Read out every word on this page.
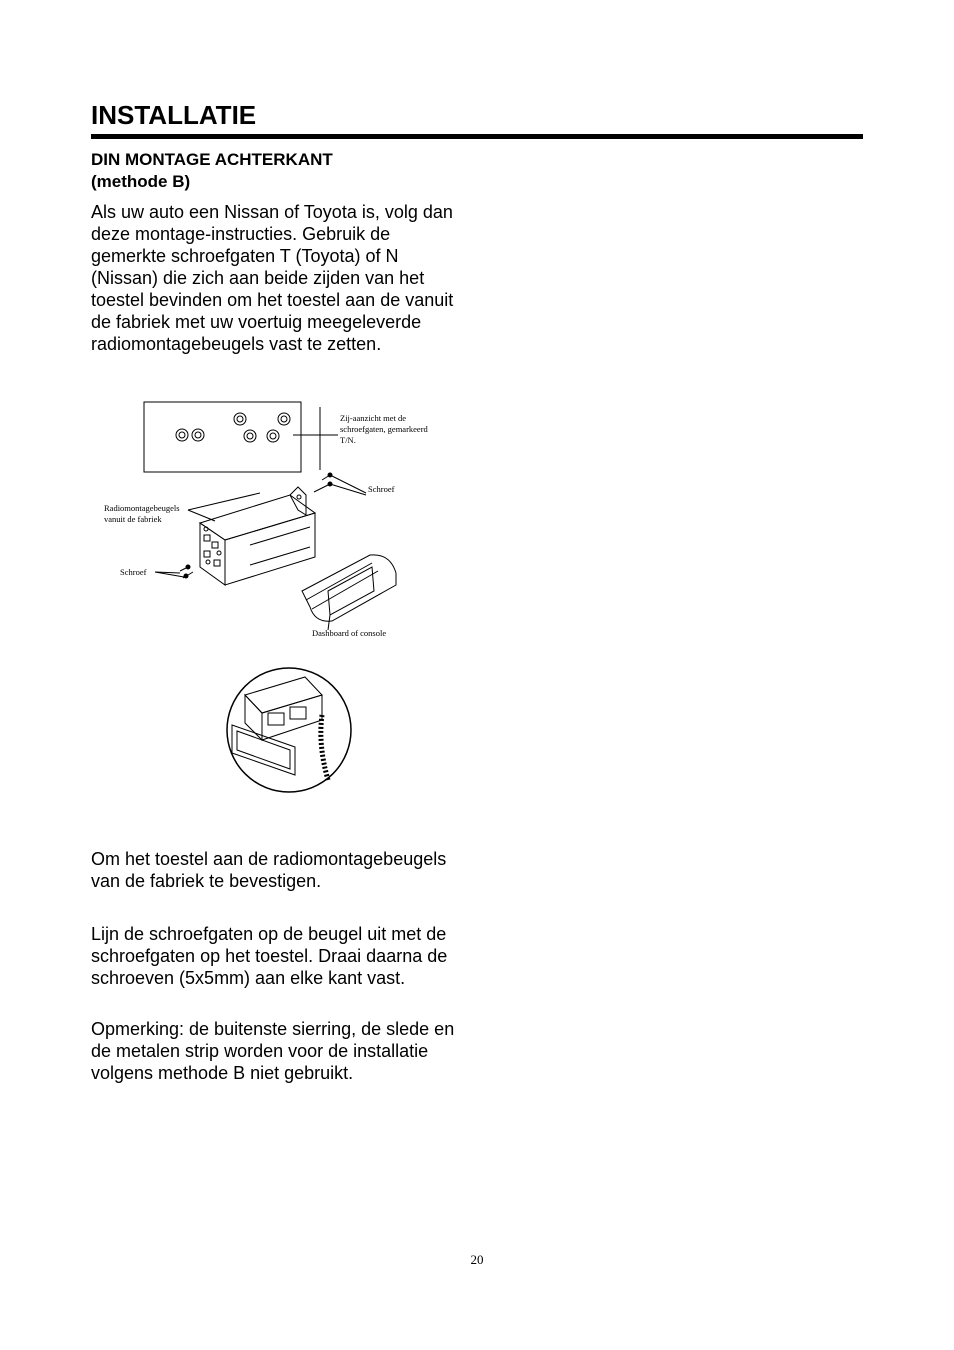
INSTALLATIE
DIN MONTAGE ACHTERKANT
(methode B)

Als uw auto een Nissan of Toyota is, volg dan deze montage-instructies. Gebruik de gemerkte schroefgaten T (Toyota) of N (Nissan) die zich aan beide zijden van het toestel bevinden om het toestel aan de vanuit de fabriek met uw voertuig meegeleverde radiomontagebeugels vast te zetten.

Zij-aanzicht met de schroefgaten, gemarkeerd T/N.
Schroef
Radiomontagebeugels vanuit de fabriek
Schroef
Dashboard of console

Om het toestel aan de radiomontagebeugels van de fabriek te bevestigen.

Lijn de schroefgaten op de beugel uit met de schroefgaten op het toestel. Draai daarna de schroeven (5x5mm) aan elke kant vast.

Opmerking: de buitenste sierring, de slede en de metalen strip worden voor de installatie volgens methode B niet gebruikt.

20
